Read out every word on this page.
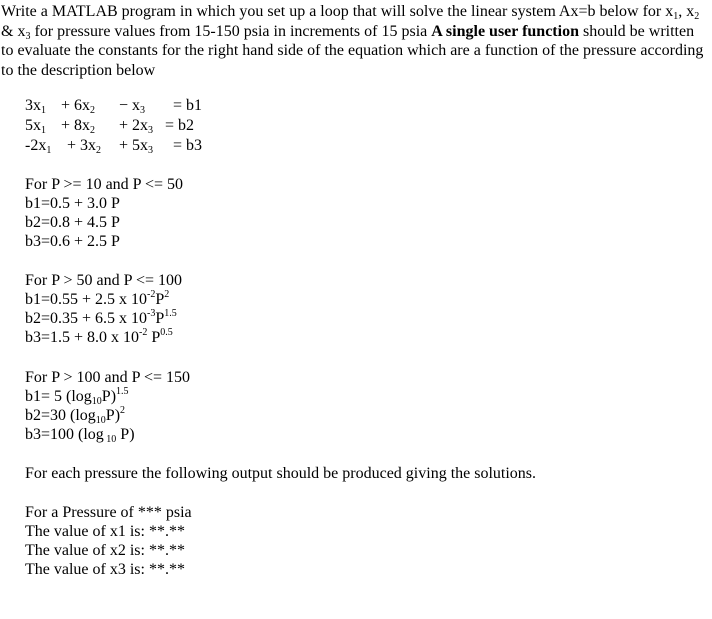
Write a MATLAB program in which you set up a loop that will solve the linear system Ax=b below for $x_1$, $x_2$ & $x_3$ for pressure values from 15-150 psia in increments of 15 psia A single user function should be written to evaluate the constants for the right hand side of the equation which are a function of the pressure according to the description below
$3x_1 + 6x_2 - x_3 = b1$
$5x_1 + 8x_2 + 2x_3 = b2$
$-2x_1 + 3x_2 + 5x_3 = b3$
For P >= 10 and P <= 50
b1=0.5 + 3.0 P
b2=0.8 + 4.5 P
b3=0.6 + 2.5 P
For P > 50 and P <= 100
b1=0.55 + 2.5 x $10^{-2}P^2$
b2=0.35 + 6.5 x $10^{-3}P^{1.5}$
b3=1.5 + 8.0 x $10^{-2}$ $P^{0.5}$
For P > 100 and P <= 150
b1= 5 $(\log_{10}P)^{1.5}$
b2=30 $(\log_{10}P)^2$
b3=100 (log $_{10}$ P)
For each pressure the following output should be produced giving the solutions.
For a Pressure of *** psia
The value of x1 is: **.**
The value of x2 is: **.**
The value of x3 is: **.**
